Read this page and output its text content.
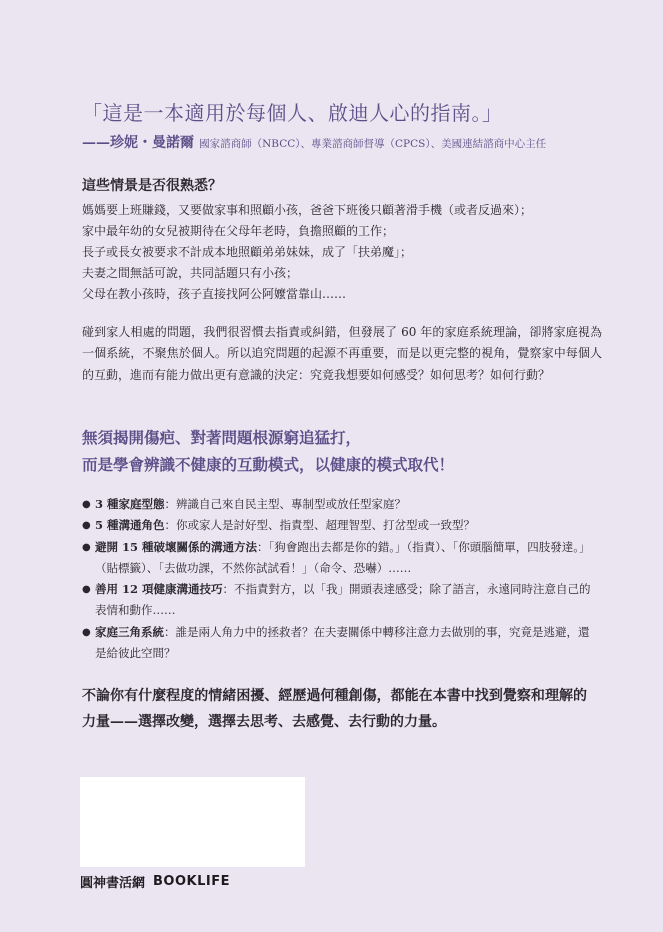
「這是一本適用於每個人、啟迪人心的指南。」
——珍妮・曼諾爾 國家諮商師（NBCC）、專業諮商師督導（CPCS）、美國連結諮商中心主任
這些情景是否很熟悉？
媽媽要上班賺錢，又要做家事和照顧小孩，爸爸下班後只顧著滑手機（或者反過來）；
家中最年幼的女兒被期待在父母年老時，負擔照顧的工作；
長子或長女被要求不計成本地照顧弟弟妹妹，成了「扶弟魔」；
夫妻之間無話可說，共同話題只有小孩；
父母在教小孩時，孩子直接找阿公阿嬤當靠山……

碰到家人相處的問題，我們很習慣去指責或糾錯，但發展了 60 年的家庭系統理論，卻將家庭視為一個系統，不聚焦於個人。所以追究問題的起源不再重要，而是以更完整的視角，覺察家中每個人的互動，進而有能力做出更有意識的決定：究竟我想要如何感受？如何思考？如何行動？

無須揭開傷疤、對著問題根源窮追猛打，
而是學會辨識不健康的互動模式，以健康的模式取代！
● 3 種家庭型態：辨識自己來自民主型、專制型或放任型家庭？
● 5 種溝通角色：你或家人是討好型、指責型、超理智型、打岔型或一致型？
● 避開 15 種破壞關係的溝通方法：「狗會跑出去都是你的錯。」（指責）、「你頭腦簡單，四肢發達。」（貼標籤）、「去做功課，不然你試試看！」（命令、恐嚇）……
● 善用 12 項健康溝通技巧：不指責對方，以「我」開頭表達感受；除了語言，永遠同時注意自己的表情和動作……
● 家庭三角系統：誰是兩人角力中的拯救者？在夫妻關係中轉移注意力去做別的事，究竟是逃避，還是給彼此空間？

不論你有什麼程度的情緒困擾、經歷過何種創傷，都能在本書中找到覺察和理解的力量——選擇改變，選擇去思考、去感覺、去行動的力量。

圓神書活網 BOOKLIFE
